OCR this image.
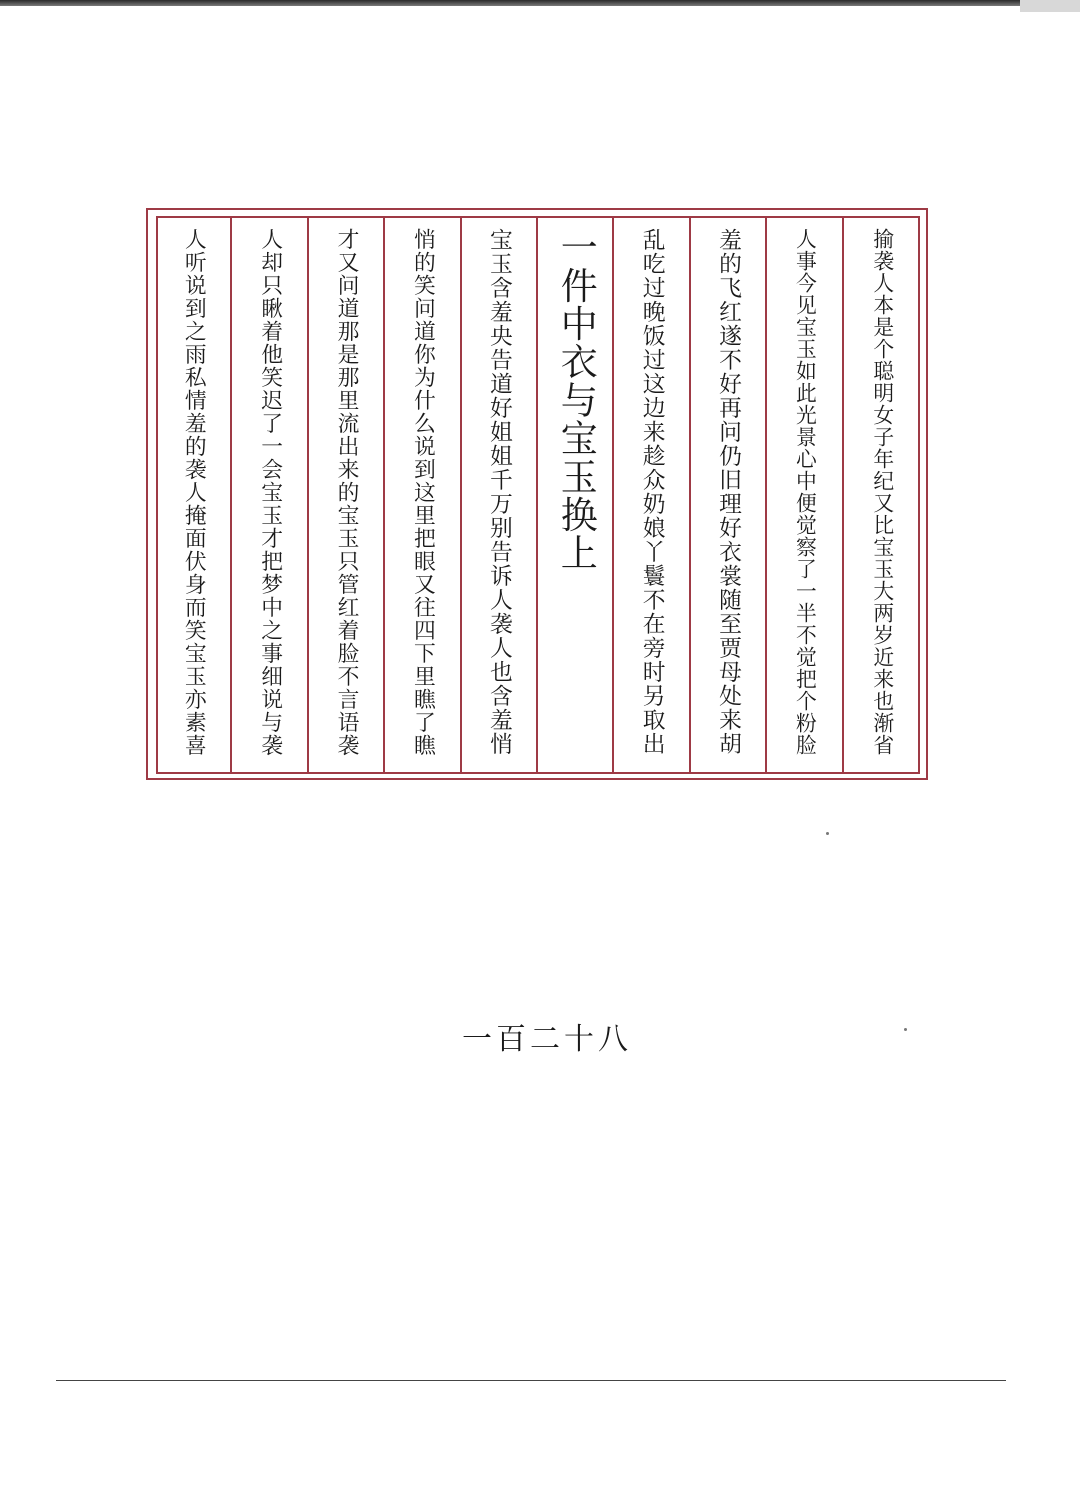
揄袭人本是个聪明女子年纪又比宝玉大两岁近来也渐省
人事今见宝玉如此光景心中便觉察了一半不觉把个粉脸
羞的飞红遂不好再问仍旧理好衣裳随至贾母处来胡
乱吃过晚饭过这边来趁众奶娘丫鬟不在旁时另取出
一件中衣与宝玉换上
宝玉含羞央告道好姐姐千万别告诉人袭人也含羞悄
悄的笑问道你为什么说到这里把眼又往四下里瞧了瞧
才又问道那是那里流出来的宝玉只管红着脸不言语袭
人却只瞅着他笑迟了一会宝玉才把梦中之事细说与袭
人听说到之雨私情羞的袭人掩面伏身而笑宝玉亦素喜
一百二十八
